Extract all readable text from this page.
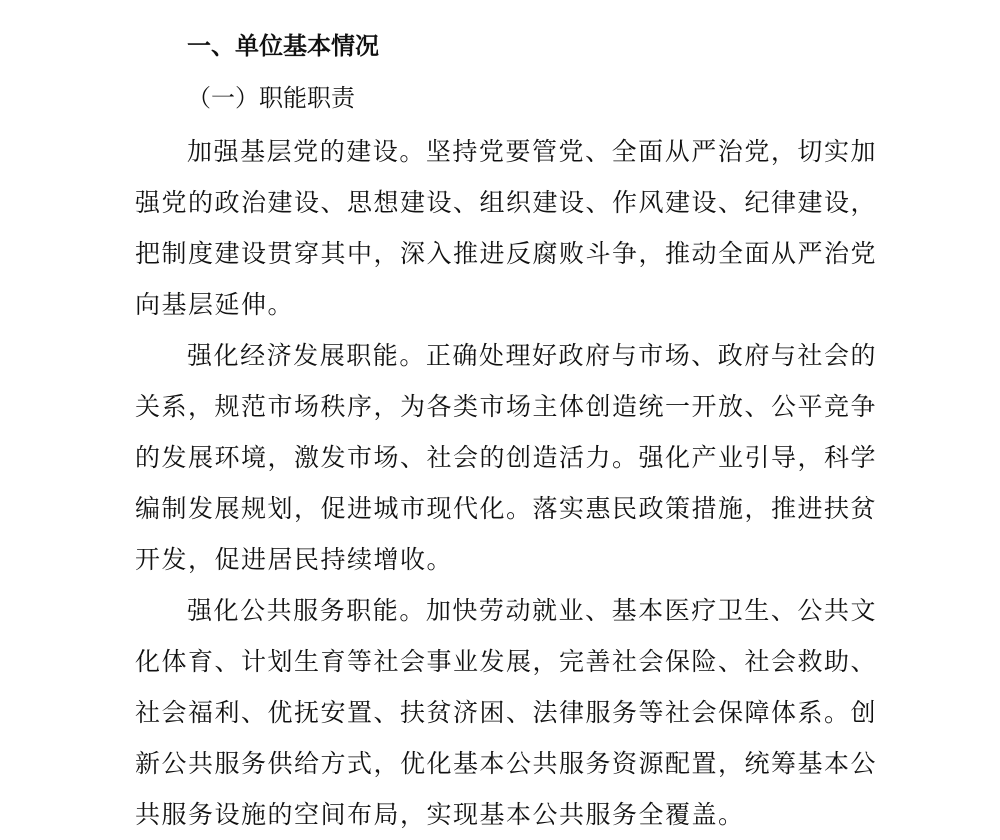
一、单位基本情况
（一）职能职责

加强基层党的建设。坚持党要管党、全面从严治党，切实加强党的政治建设、思想建设、组织建设、作风建设、纪律建设，把制度建设贯穿其中，深入推进反腐败斗争，推动全面从严治党向基层延伸。

强化经济发展职能。正确处理好政府与市场、政府与社会的关系，规范市场秩序，为各类市场主体创造统一开放、公平竞争的发展环境，激发市场、社会的创造活力。强化产业引导，科学编制发展规划，促进城市现代化。落实惠民政策措施，推进扶贫开发，促进居民持续增收。

强化公共服务职能。加快劳动就业、基本医疗卫生、公共文化体育、计划生育等社会事业发展，完善社会保险、社会救助、社会福利、优抚安置、扶贫济困、法律服务等社会保障体系。创新公共服务供给方式，优化基本公共服务资源配置，统筹基本公共服务设施的空间布局，实现基本公共服务全覆盖。
